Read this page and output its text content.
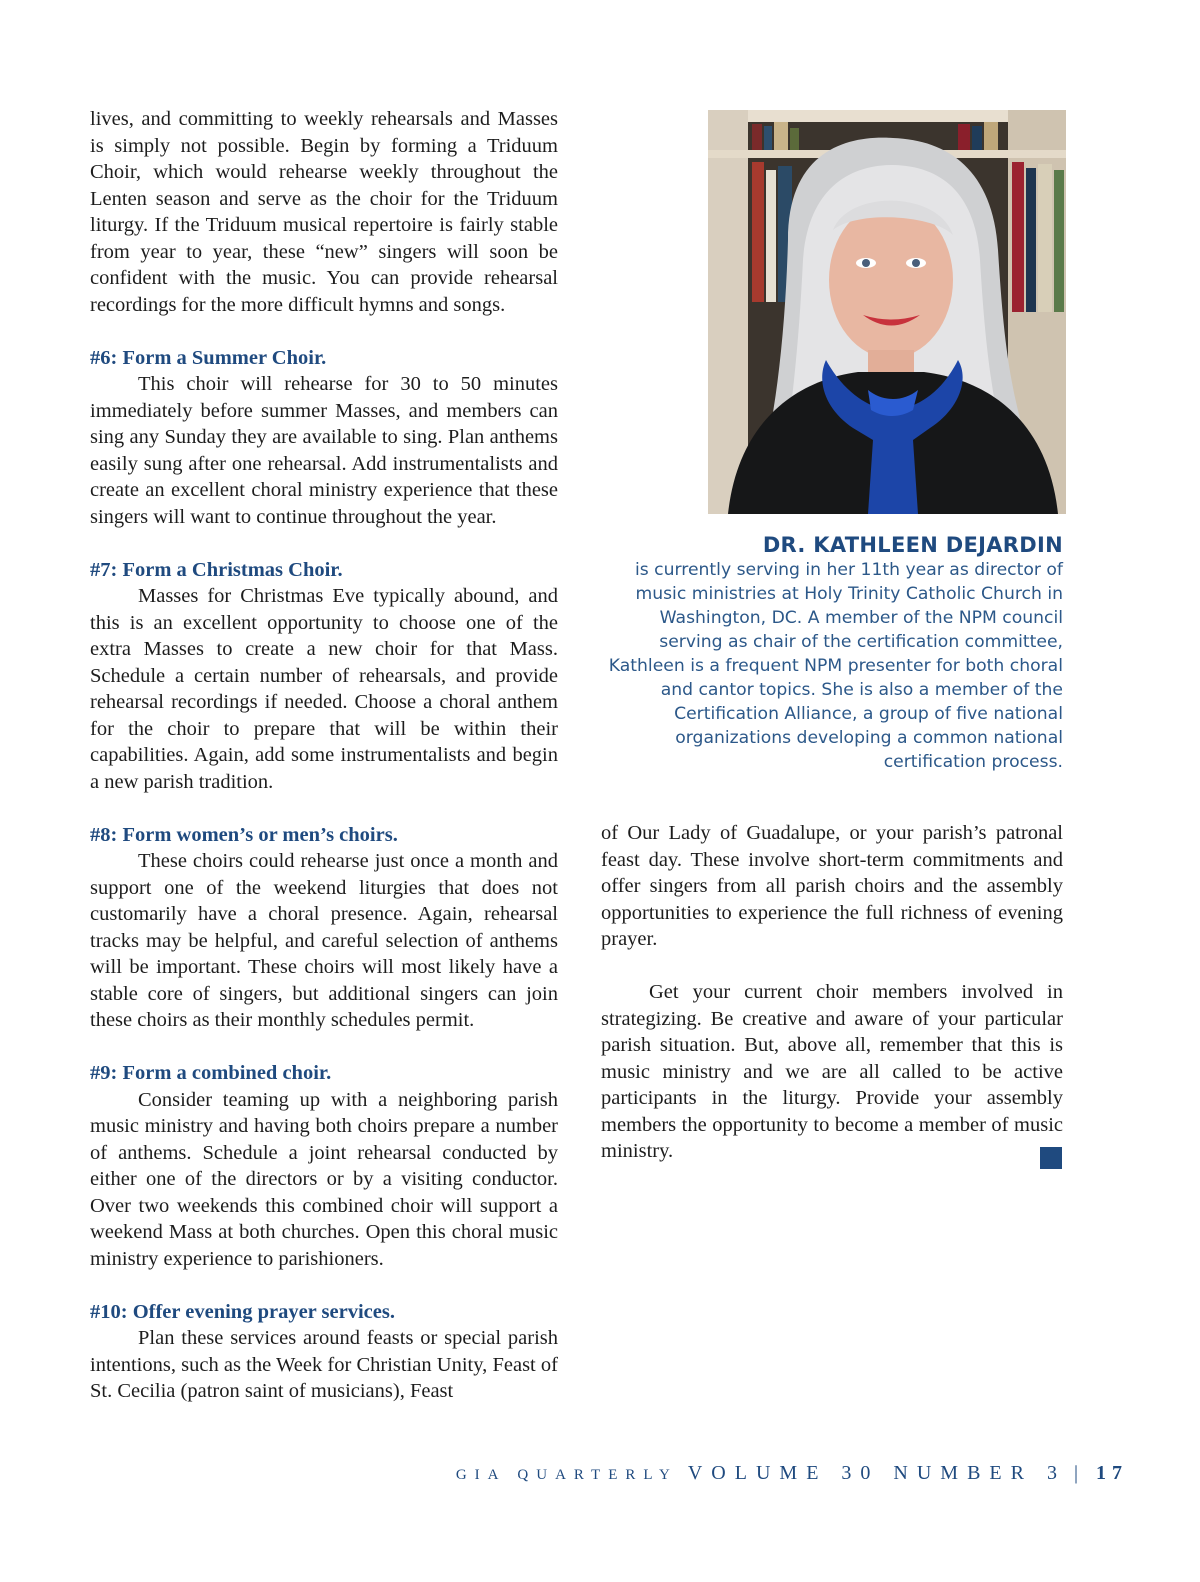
lives, and committing to weekly rehearsals and Masses is simply not possible. Begin by forming a Triduum Choir, which would rehearse weekly throughout the Lenten season and serve as the choir for the Triduum liturgy. If the Triduum musical repertoire is fairly stable from year to year, these “new” singers will soon be confident with the music. You can provide rehearsal recordings for the more difficult hymns and songs.

#6: Form a Summer Choir.

This choir will rehearse for 30 to 50 minutes immediately before summer Masses, and members can sing any Sunday they are available to sing. Plan anthems easily sung after one rehearsal. Add instrumentalists and create an excellent choral ministry experience that these singers will want to continue throughout the year.

#7: Form a Christmas Choir.

Masses for Christmas Eve typically abound, and this is an excellent opportunity to choose one of the extra Masses to create a new choir for that Mass. Schedule a certain number of rehearsals, and provide rehearsal recordings if needed. Choose a choral anthem for the choir to prepare that will be within their capabilities. Again, add some instrumentalists and begin a new parish tradition.

#8: Form women’s or men’s choirs.

These choirs could rehearse just once a month and support one of the weekend liturgies that does not customarily have a choral presence. Again, rehearsal tracks may be helpful, and careful selection of anthems will be important. These choirs will most likely have a stable core of singers, but additional singers can join these choirs as their monthly schedules permit.

#9: Form a combined choir.

Consider teaming up with a neighboring parish music ministry and having both choirs prepare a number of anthems. Schedule a joint rehearsal conducted by either one of the directors or by a visiting conductor. Over two weekends this combined choir will support a weekend Mass at both churches. Open this choral music ministry experience to parishioners.

#10: Offer evening prayer services.

Plan these services around feasts or special parish intentions, such as the Week for Christian Unity, Feast of St. Cecilia (patron saint of musicians), Feast

DR. KATHLEEN DEJARDIN
is currently serving in her 11th year as director of music ministries at Holy Trinity Catholic Church in Washington, DC. A member of the NPM council serving as chair of the certification committee, Kathleen is a frequent NPM presenter for both choral and cantor topics. She is also a member of the Certification Alliance, a group of five national organizations developing a common national certification process.

of Our Lady of Guadalupe, or your parish’s patronal feast day. These involve short-term commitments and offer singers from all parish choirs and the assembly opportunities to experience the full richness of evening prayer.

Get your current choir members involved in strategizing. Be creative and aware of your particular parish situation. But, above all, remember that this is music ministry and we are all called to be active participants in the liturgy. Provide your assembly members the opportunity to become a member of music ministry.

GIA QUARTERLY VOLUME 30 NUMBER 3 | 17
